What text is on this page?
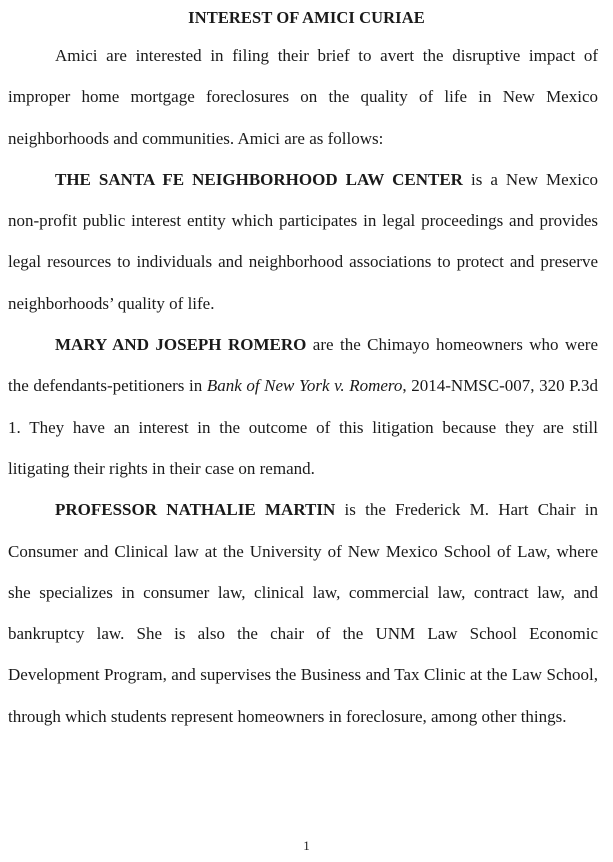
INTEREST OF AMICI CURIAE

Amici are interested in filing their brief to avert the disruptive impact of improper home mortgage foreclosures on the quality of life in New Mexico neighborhoods and communities. Amici are as follows:

THE SANTA FE NEIGHBORHOOD LAW CENTER is a New Mexico non-profit public interest entity which participates in legal proceedings and provides legal resources to individuals and neighborhood associations to protect and preserve neighborhoods’ quality of life.

MARY AND JOSEPH ROMERO are the Chimayo homeowners who were the defendants-petitioners in Bank of New York v. Romero, 2014-NMSC-007, 320 P.3d 1. They have an interest in the outcome of this litigation because they are still litigating their rights in their case on remand.

PROFESSOR NATHALIE MARTIN is the Frederick M. Hart Chair in Consumer and Clinical law at the University of New Mexico School of Law, where she specializes in consumer law, clinical law, commercial law, contract law, and bankruptcy law. She is also the chair of the UNM Law School Economic Development Program, and supervises the Business and Tax Clinic at the Law School, through which students represent homeowners in foreclosure, among other things.

1
